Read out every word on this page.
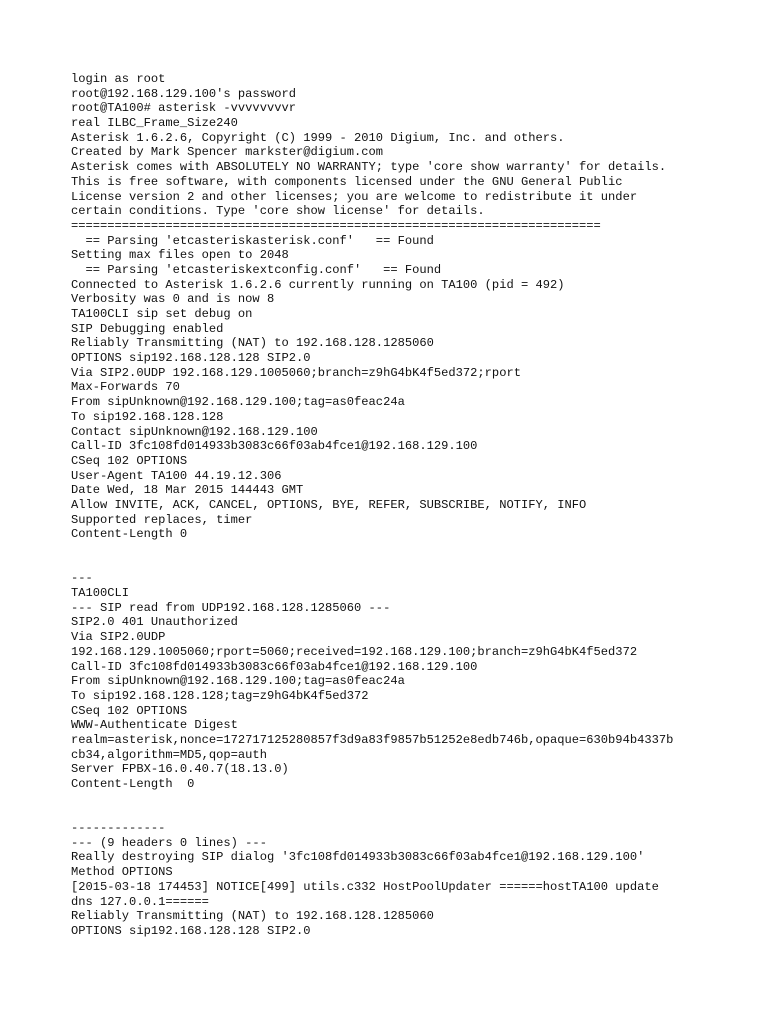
login as root
root@192.168.129.100's password
root@TA100# asterisk -vvvvvvvvr
real ILBC_Frame_Size240
Asterisk 1.6.2.6, Copyright (C) 1999 - 2010 Digium, Inc. and others.
Created by Mark Spencer markster@digium.com
Asterisk comes with ABSOLUTELY NO WARRANTY; type 'core show warranty' for details.
This is free software, with components licensed under the GNU General Public
License version 2 and other licenses; you are welcome to redistribute it under
certain conditions. Type 'core show license' for details.
=========================================================================
== Parsing 'etcasteriskasterisk.conf'   == Found
Setting max files open to 2048
== Parsing 'etcasteriskextconfig.conf'   == Found
Connected to Asterisk 1.6.2.6 currently running on TA100 (pid = 492)
Verbosity was 0 and is now 8
TA100CLI sip set debug on
SIP Debugging enabled
Reliably Transmitting (NAT) to 192.168.128.1285060
OPTIONS sip192.168.128.128 SIP2.0
Via SIP2.0UDP 192.168.129.1005060;branch=z9hG4bK4f5ed372;rport
Max-Forwards 70
From sipUnknown@192.168.129.100;tag=as0feac24a
To sip192.168.128.128
Contact sipUnknown@192.168.129.100
Call-ID 3fc108fd014933b3083c66f03ab4fce1@192.168.129.100
CSeq 102 OPTIONS
User-Agent TA100 44.19.12.306
Date Wed, 18 Mar 2015 144443 GMT
Allow INVITE, ACK, CANCEL, OPTIONS, BYE, REFER, SUBSCRIBE, NOTIFY, INFO
Supported replaces, timer
Content-Length 0
---
TA100CLI
--- SIP read from UDP192.168.128.1285060 ---
SIP2.0 401 Unauthorized
Via SIP2.0UDP
192.168.129.1005060;rport=5060;received=192.168.129.100;branch=z9hG4bK4f5ed372
Call-ID 3fc108fd014933b3083c66f03ab4fce1@192.168.129.100
From sipUnknown@192.168.129.100;tag=as0feac24a
To sip192.168.128.128;tag=z9hG4bK4f5ed372
CSeq 102 OPTIONS
WWW-Authenticate Digest
realm=asterisk,nonce=172717125280857f3d9a83f9857b51252e8edb746b,opaque=630b94b4337b
cb34,algorithm=MD5,qop=auth
Server FPBX-16.0.40.7(18.13.0)
Content-Length  0
-------------
--- (9 headers 0 lines) ---
Really destroying SIP dialog '3fc108fd014933b3083c66f03ab4fce1@192.168.129.100'
Method OPTIONS
[2015-03-18 174453] NOTICE[499] utils.c332 HostPoolUpdater ======hostTA100 update
dns 127.0.0.1======
Reliably Transmitting (NAT) to 192.168.128.1285060
OPTIONS sip192.168.128.128 SIP2.0
